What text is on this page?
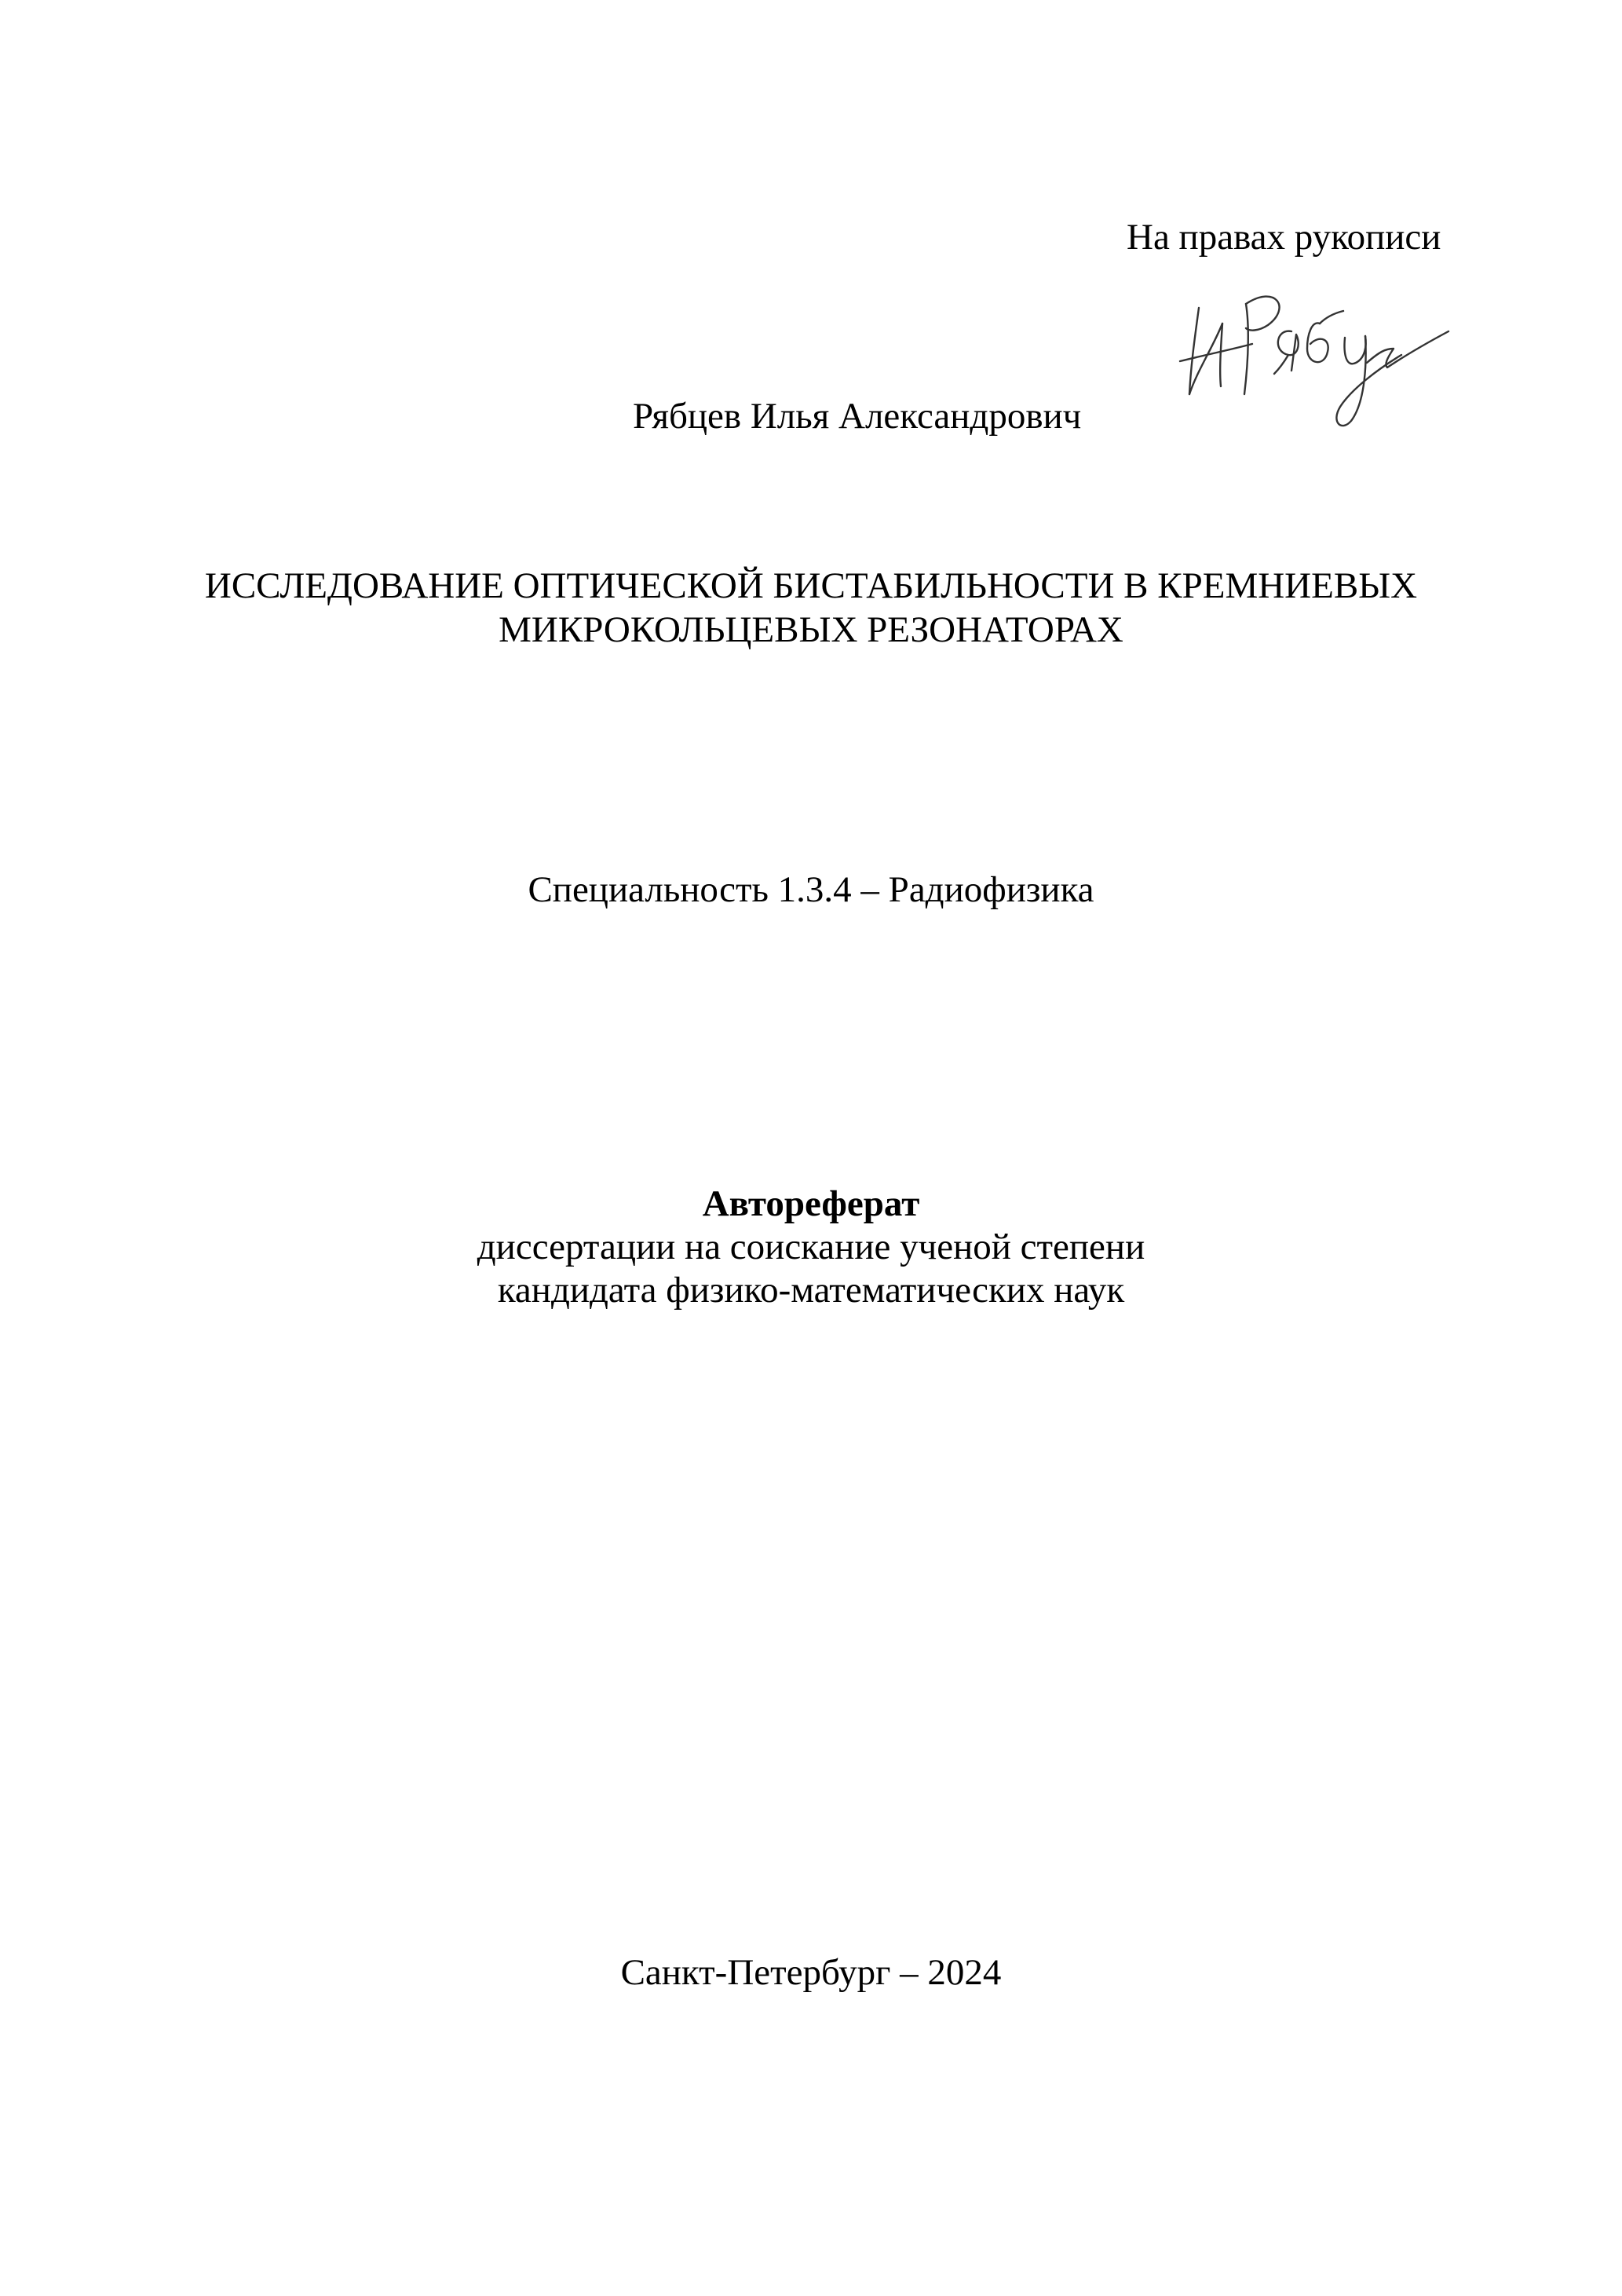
На правах рукописи
Рябцев Илья Александрович
ИССЛЕДОВАНИЕ ОПТИЧЕСКОЙ БИСТАБИЛЬНОСТИ В КРЕМНИЕВЫХ
МИКРОКОЛЬЦЕВЫХ РЕЗОНАТОРАХ
Специальность 1.3.4 – Радиофизика
Автореферат
диссертации на соискание ученой степени
кандидата физико-математических наук
Санкт-Петербург – 2024
